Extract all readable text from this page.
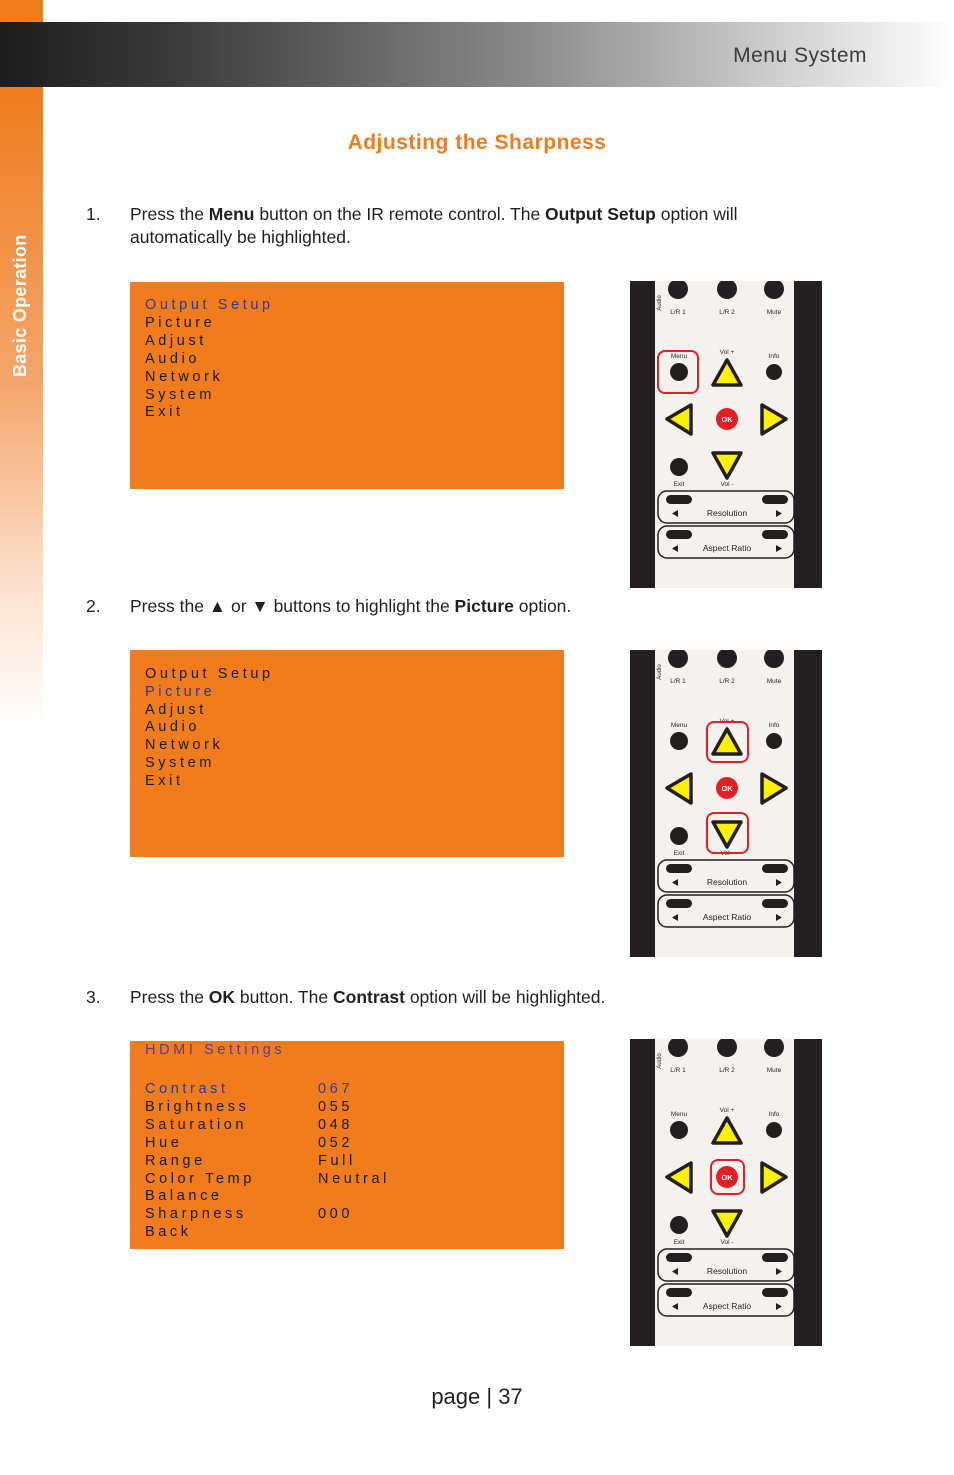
Menu System
Basic Operation
Adjusting the Sharpness
1. Press the Menu button on the IR remote control. The Output Setup option will automatically be highlighted.
Output Setup
Picture
Adjust
Audio
Network
System
Exit
Audio
L/R 1	L/R 2	Mute
Menu
Vol +
Info
Exit	Vol -
OK
Resolution
Aspect Ratio
2. Press the ▲ or ▼ buttons to highlight the Picture option.
Output Setup
Picture
Adjust
Audio
Network
System
Exit
Audio
L/R 1	L/R 2	Mute
Menu
Vol +
Info
Exit	Vol -
OK
Resolution
Aspect Ratio
3. Press the OK button. The Contrast option will be highlighted.
HDMI Settings
Contrast	067
Brightness	055
Saturation	048
Hue	052
Range	Full
Color Temp	Neutral
Balance
Sharpness	000
Back
Audio
L/R 1	L/R 2	Mute
Menu
Vol +
Info
Exit	Vol -
OK
Resolution
Aspect Ratio
page | 37
